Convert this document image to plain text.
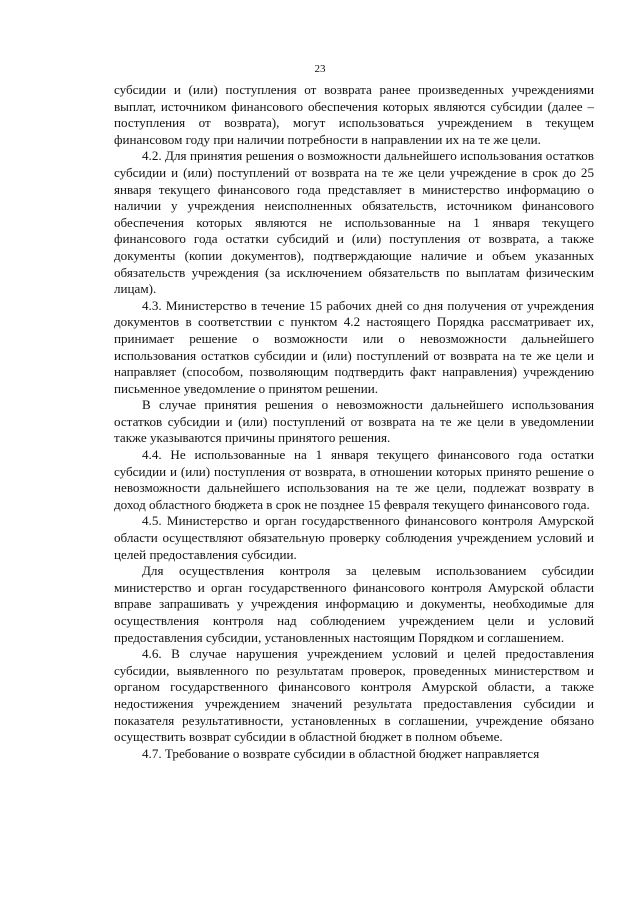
23

субсидии и (или) поступления от возврата ранее произведенных учреждениями выплат, источником финансового обеспечения которых являются субсидии (далее – поступления от возврата), могут использоваться учреждением в текущем финансовом году при наличии потребности в направлении их на те же цели.

4.2. Для принятия решения о возможности дальнейшего использования остатков субсидии и (или) поступлений от возврата на те же цели учреждение в срок до 25 января текущего финансового года представляет в министерство информацию о наличии у учреждения неисполненных обязательств, источником финансового обеспечения которых являются не использованные на 1 января текущего финансового года остатки субсидий и (или) поступления от возврата, а также документы (копии документов), подтверждающие наличие и объем указанных обязательств учреждения (за исключением обязательств по выплатам физическим лицам).

4.3. Министерство в течение 15 рабочих дней со дня получения от учреждения документов в соответствии с пунктом 4.2 настоящего Порядка рассматривает их, принимает решение о возможности или о невозможности дальнейшего использования остатков субсидии и (или) поступлений от возврата на те же цели и направляет (способом, позволяющим подтвердить факт направления) учреждению письменное уведомление о принятом решении.

В случае принятия решения о невозможности дальнейшего использования остатков субсидии и (или) поступлений от возврата на те же цели в уведомлении также указываются причины принятого решения.

4.4. Не использованные на 1 января текущего финансового года остатки субсидии и (или) поступления от возврата, в отношении которых принято решение о невозможности дальнейшего использования на те же цели, подлежат возврату в доход областного бюджета в срок не позднее 15 февраля текущего финансового года.

4.5. Министерство и орган государственного финансового контроля Амурской области осуществляют обязательную проверку соблюдения учреждением условий и целей предоставления субсидии.

Для осуществления контроля за целевым использованием субсидии министерство и орган государственного финансового контроля Амурской области вправе запрашивать у учреждения информацию и документы, необходимые для осуществления контроля над соблюдением учреждением цели и условий предоставления субсидии, установленных настоящим Порядком и соглашением.

4.6. В случае нарушения учреждением условий и целей предоставления субсидии, выявленного по результатам проверок, проведенных министерством и органом государственного финансового контроля Амурской области, а также недостижения учреждением значений результата предоставления субсидии и показателя результативности, установленных в соглашении, учреждение обязано осуществить возврат субсидии в областной бюджет в полном объеме.

4.7. Требование о возврате субсидии в областной бюджет направляется
